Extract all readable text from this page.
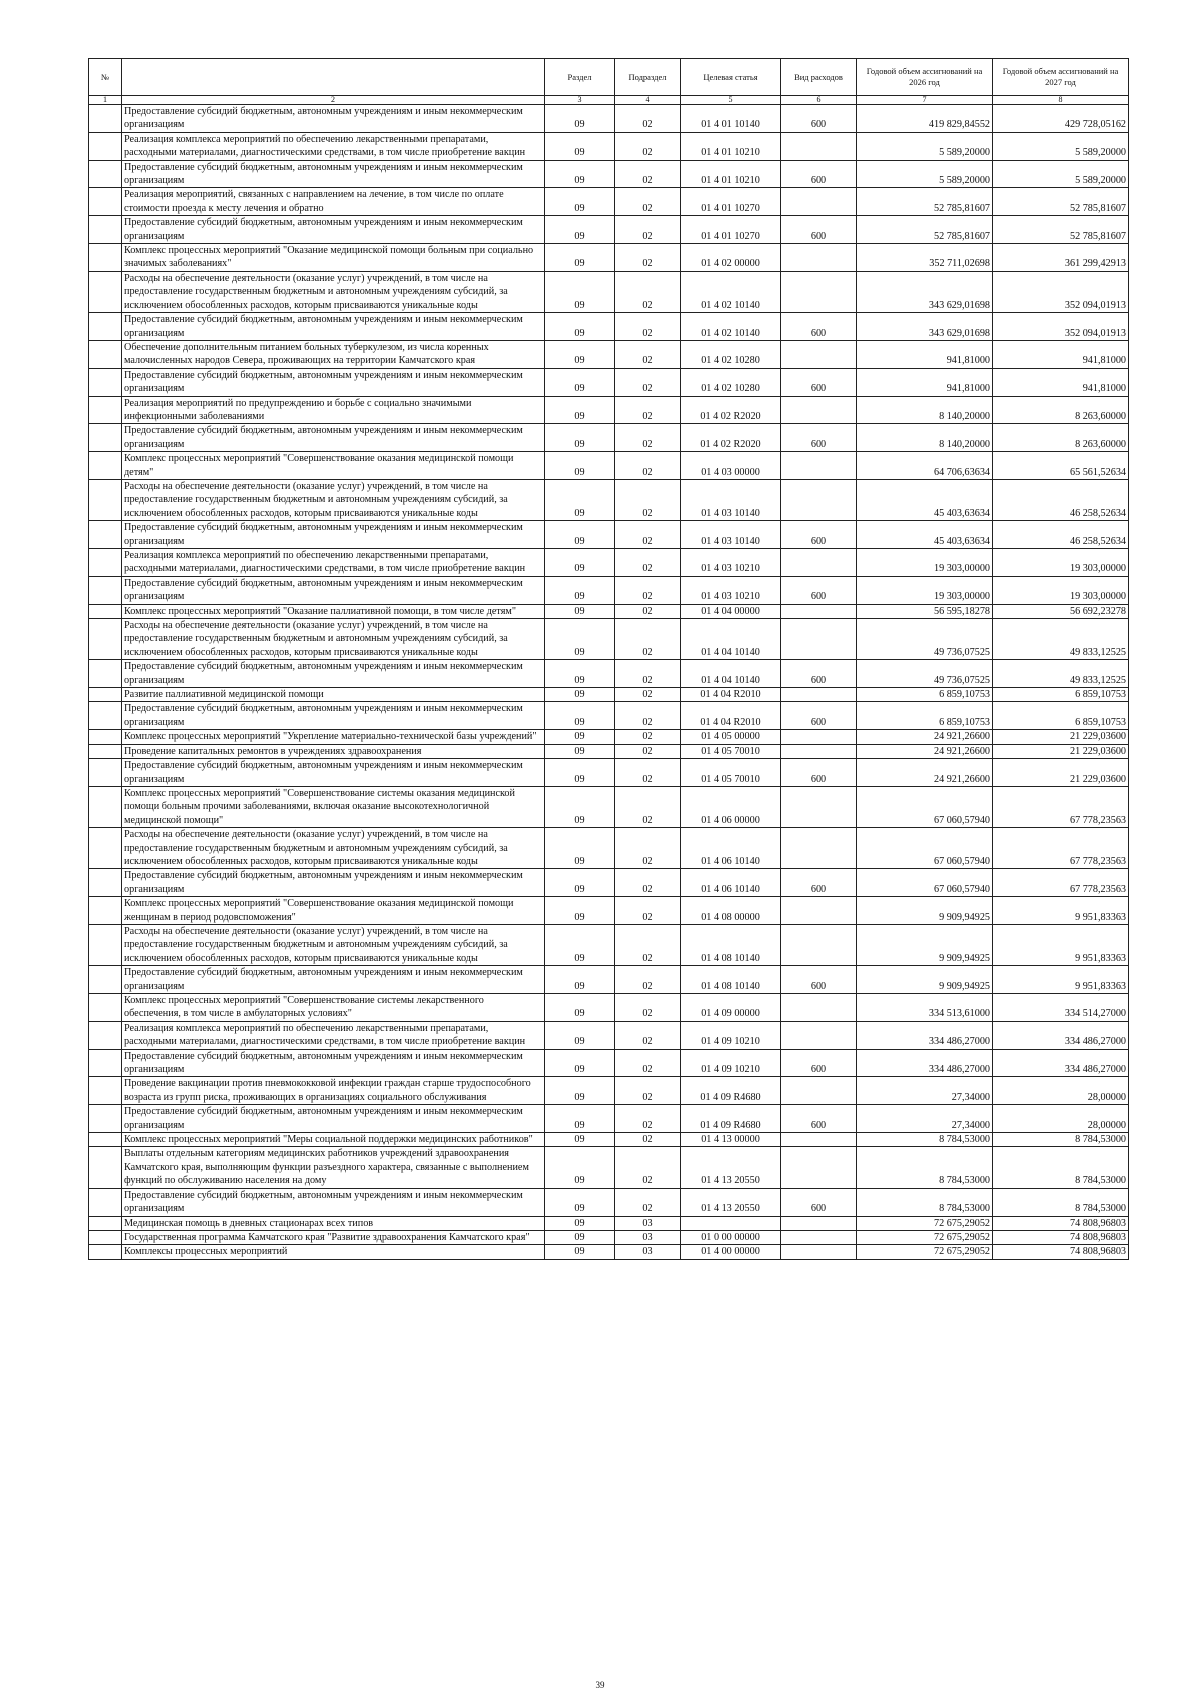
№		Раздел	Подраздел	Целевая статья	Вид расходов	Годовой объем ассигнований на 2026 год	Годовой объем ассигнований на 2027 год
1	2	3	4	5	6	7	8
	Предоставление субсидий бюджетным, автономным учреждениям и иным некоммерческим организациям	09	02	01 4 01 10140	600	419 829,84552	429 728,05162
	Реализация комплекса мероприятий по обеспечению лекарственными препаратами, расходными материалами, диагностическими средствами, в том числе приобретение вакцин	09	02	01 4 01 10210		5 589,20000	5 589,20000
	Предоставление субсидий бюджетным, автономным учреждениям и иным некоммерческим организациям	09	02	01 4 01 10210	600	5 589,20000	5 589,20000
	Реализация мероприятий, связанных с направлением на лечение, в том числе по оплате стоимости проезда к месту лечения и обратно	09	02	01 4 01 10270		52 785,81607	52 785,81607
	Предоставление субсидий бюджетным, автономным учреждениям и иным некоммерческим организациям	09	02	01 4 01 10270	600	52 785,81607	52 785,81607
	Комплекс процессных мероприятий "Оказание медицинской помощи больным при социально значимых заболеваниях"	09	02	01 4 02 00000		352 711,02698	361 299,42913
	Расходы на обеспечение деятельности (оказание услуг) учреждений, в том числе на предоставление государственным бюджетным и автономным учреждениям субсидий, за исключением обособленных расходов, которым присваиваются уникальные коды	09	02	01 4 02 10140		343 629,01698	352 094,01913
	Предоставление субсидий бюджетным, автономным учреждениям и иным некоммерческим организациям	09	02	01 4 02 10140	600	343 629,01698	352 094,01913
	Обеспечение дополнительным питанием больных туберкулезом, из числа коренных малочисленных народов Севера, проживающих на территории Камчатского края	09	02	01 4 02 10280		941,81000	941,81000
	Предоставление субсидий бюджетным, автономным учреждениям и иным некоммерческим организациям	09	02	01 4 02 10280	600	941,81000	941,81000
	Реализация мероприятий по предупреждению и борьбе с социально значимыми инфекционными заболеваниями	09	02	01 4 02 R2020		8 140,20000	8 263,60000
	Предоставление субсидий бюджетным, автономным учреждениям и иным некоммерческим организациям	09	02	01 4 02 R2020	600	8 140,20000	8 263,60000
	Комплекс процессных мероприятий "Совершенствование оказания медицинской помощи детям"	09	02	01 4 03 00000		64 706,63634	65 561,52634
	Расходы на обеспечение деятельности (оказание услуг) учреждений, в том числе на предоставление государственным бюджетным и автономным учреждениям субсидий, за исключением обособленных расходов, которым присваиваются уникальные коды	09	02	01 4 03 10140		45 403,63634	46 258,52634
	Предоставление субсидий бюджетным, автономным учреждениям и иным некоммерческим организациям	09	02	01 4 03 10140	600	45 403,63634	46 258,52634
	Реализация комплекса мероприятий по обеспечению лекарственными препаратами, расходными материалами, диагностическими средствами, в том числе приобретение вакцин	09	02	01 4 03 10210		19 303,00000	19 303,00000
	Предоставление субсидий бюджетным, автономным учреждениям и иным некоммерческим организациям	09	02	01 4 03 10210	600	19 303,00000	19 303,00000
	Комплекс процессных мероприятий "Оказание паллиативной помощи, в том числе детям"	09	02	01 4 04 00000		56 595,18278	56 692,23278
	Расходы на обеспечение деятельности (оказание услуг) учреждений, в том числе на предоставление государственным бюджетным и автономным учреждениям субсидий, за исключением обособленных расходов, которым присваиваются уникальные коды	09	02	01 4 04 10140		49 736,07525	49 833,12525
	Предоставление субсидий бюджетным, автономным учреждениям и иным некоммерческим организациям	09	02	01 4 04 10140	600	49 736,07525	49 833,12525
	Развитие паллиативной медицинской помощи	09	02	01 4 04 R2010		6 859,10753	6 859,10753
	Предоставление субсидий бюджетным, автономным учреждениям и иным некоммерческим организациям	09	02	01 4 04 R2010	600	6 859,10753	6 859,10753
	Комплекс процессных мероприятий "Укрепление материально-технической базы учреждений"	09	02	01 4 05 00000		24 921,26600	21 229,03600
	Проведение капитальных ремонтов в учреждениях здравоохранения	09	02	01 4 05 70010		24 921,26600	21 229,03600
	Предоставление субсидий бюджетным, автономным учреждениям и иным некоммерческим организациям	09	02	01 4 05 70010	600	24 921,26600	21 229,03600
	Комплекс процессных мероприятий "Совершенствование системы оказания медицинской помощи больным прочими заболеваниями, включая оказание высокотехнологичной медицинской помощи"	09	02	01 4 06 00000		67 060,57940	67 778,23563
	Расходы на обеспечение деятельности (оказание услуг) учреждений, в том числе на предоставление государственным бюджетным и автономным учреждениям субсидий, за исключением обособленных расходов, которым присваиваются уникальные коды	09	02	01 4 06 10140		67 060,57940	67 778,23563
	Предоставление субсидий бюджетным, автономным учреждениям и иным некоммерческим организациям	09	02	01 4 06 10140	600	67 060,57940	67 778,23563
	Комплекс процессных мероприятий "Совершенствование оказания медицинской помощи женщинам в период родовспоможения"	09	02	01 4 08 00000		9 909,94925	9 951,83363
	Расходы на обеспечение деятельности (оказание услуг) учреждений, в том числе на предоставление государственным бюджетным и автономным учреждениям субсидий, за исключением обособленных расходов, которым присваиваются уникальные коды	09	02	01 4 08 10140		9 909,94925	9 951,83363
	Предоставление субсидий бюджетным, автономным учреждениям и иным некоммерческим организациям	09	02	01 4 08 10140	600	9 909,94925	9 951,83363
	Комплекс процессных мероприятий "Совершенствование системы лекарственного обеспечения, в том числе в амбулаторных условиях"	09	02	01 4 09 00000		334 513,61000	334 514,27000
	Реализация комплекса мероприятий по обеспечению лекарственными препаратами, расходными материалами, диагностическими средствами, в том числе приобретение вакцин	09	02	01 4 09 10210		334 486,27000	334 486,27000
	Предоставление субсидий бюджетным, автономным учреждениям и иным некоммерческим организациям	09	02	01 4 09 10210	600	334 486,27000	334 486,27000
	Проведение вакцинации против пневмококковой инфекции граждан старше трудоспособного возраста из групп риска, проживающих в организациях социального обслуживания	09	02	01 4 09 R4680		27,34000	28,00000
	Предоставление субсидий бюджетным, автономным учреждениям и иным некоммерческим организациям	09	02	01 4 09 R4680	600	27,34000	28,00000
	Комплекс процессных мероприятий "Меры социальной поддержки медицинских работников"	09	02	01 4 13 00000		8 784,53000	8 784,53000
	Выплаты отдельным категориям медицинских работников учреждений здравоохранения Камчатского края, выполняющим функции разъездного характера, связанные с выполнением функций по обслуживанию населения на дому	09	02	01 4 13 20550		8 784,53000	8 784,53000
	Предоставление субсидий бюджетным, автономным учреждениям и иным некоммерческим организациям	09	02	01 4 13 20550	600	8 784,53000	8 784,53000
	Медицинская помощь в дневных стационарах всех типов	09	03			72 675,29052	74 808,96803
	Государственная программа Камчатского края "Развитие здравоохранения Камчатского края"	09	03	01 0 00 00000		72 675,29052	74 808,96803
	Комплексы процессных мероприятий	09	03	01 4 00 00000		72 675,29052	74 808,96803
39
